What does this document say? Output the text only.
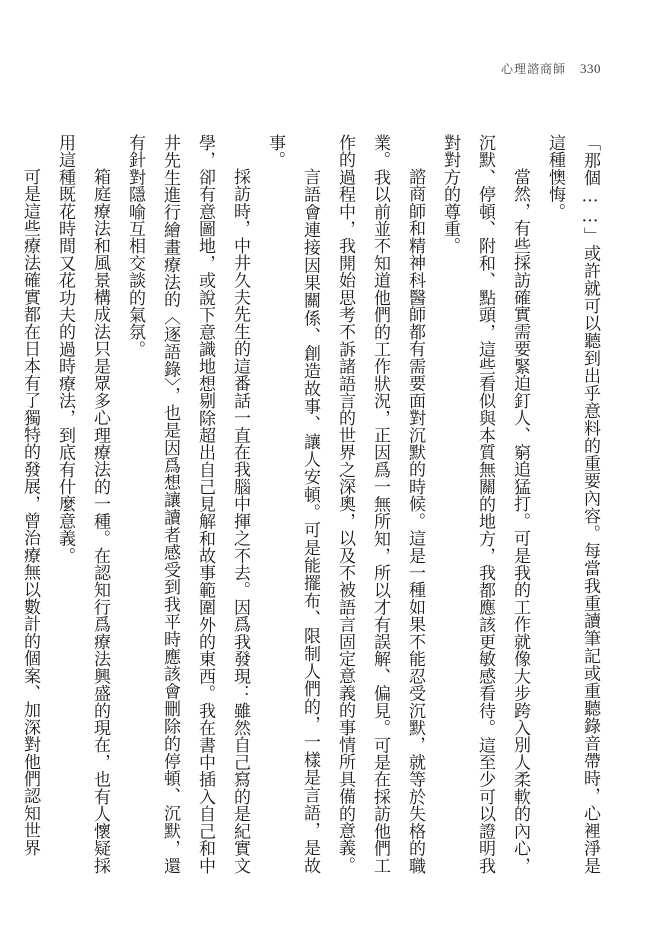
心理諮商師 330

「那個……」或許就可以聽到出乎意料的重要內容。每當我重讀筆記或重聽錄音帶時，心裡淨是這種懊悔。

當然，有些採訪確實需要緊迫釘人、窮追猛打。可是我的工作就像大步跨入別人柔軟的內心，沉默、停頓、附和、點頭，這些看似與本質無關的地方，我都應該更敏感看待。這至少可以證明我對對方的尊重。

諮商師和精神科醫師都有需要面對沉默的時候。這是一種如果不能忍受沉默，就等於失格的職業。我以前並不知道他們的工作狀況，正因爲一無所知，所以才有誤解、偏見。可是在採訪他們工作的過程中，我開始思考不訴諸語言的世界之深奧，以及不被語言固定意義的事情所具備的意義。

言語會連接因果關係、創造故事、讓人安頓。可是能擺布、限制人們的，一樣是言語，是故事。

採訪時，中井久夫先生的這番話一直在我腦中揮之不去。因爲我發現：雖然自己寫的是紀實文學，卻有意圖地，或說下意識地想剔除超出自己見解和故事範圍外的東西。我在書中插入自己和中井先生進行繪畫療法的〈逐語錄〉，也是因爲想讓讀者感受到我平時應該會刪除的停頓、沉默，還有針對隱喻互相交談的氣氛。

箱庭療法和風景構成法只是眾多心理療法的一種。在認知行爲療法興盛的現在，也有人懷疑採用這種既花時間又花功夫的過時療法，到底有什麼意義。

可是這些療法確實都在日本有了獨特的發展，曾治療無以數計的個案、加深對他們認知世界
